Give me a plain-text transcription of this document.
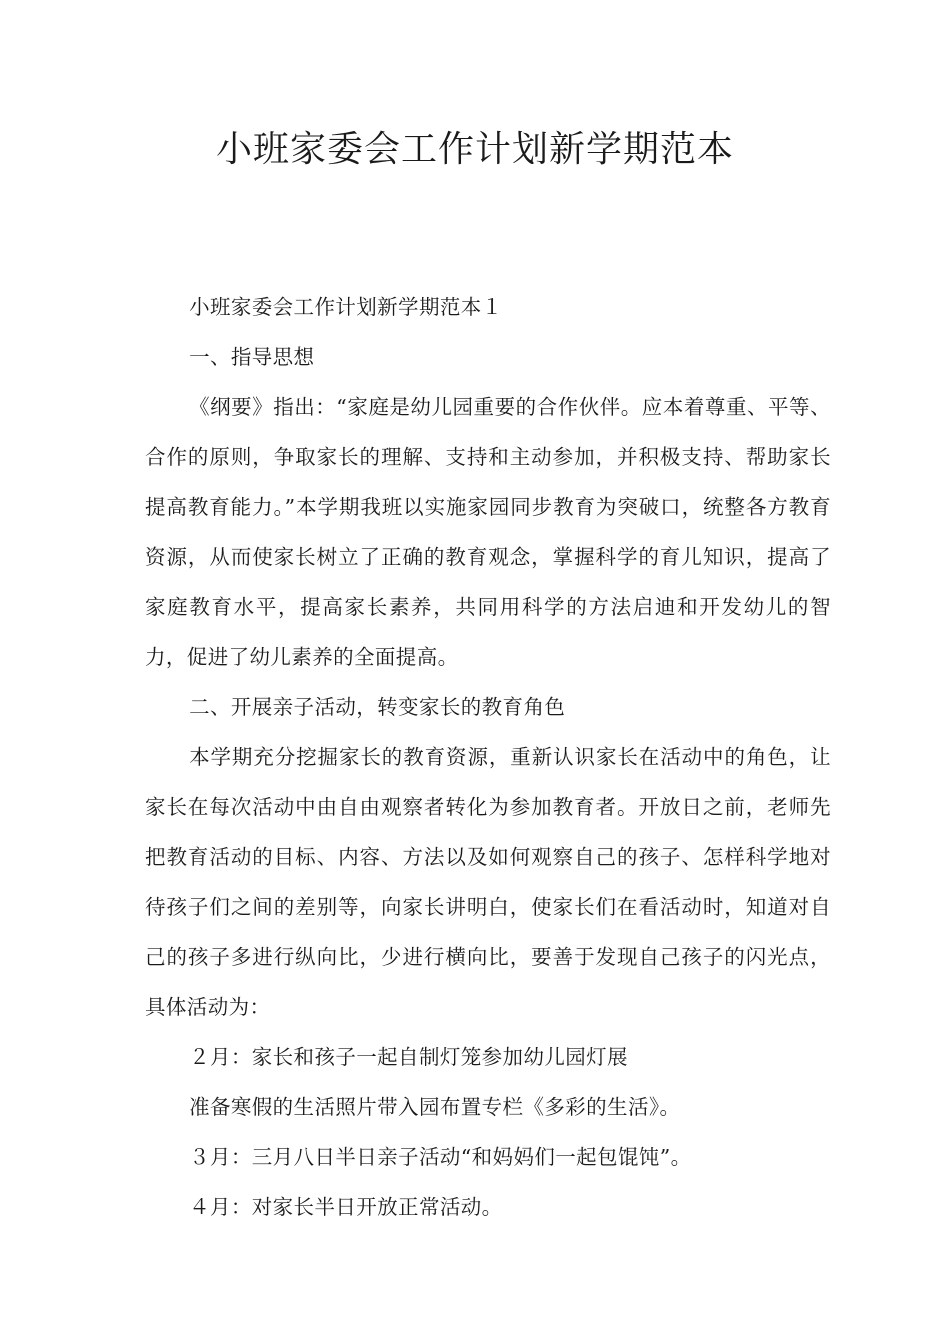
小班家委会工作计划新学期范本

小班家委会工作计划新学期范本１

一、指导思想

《纲要》指出：“家庭是幼儿园重要的合作伙伴。应本着尊重、平等、合作的原则，争取家长的理解、支持和主动参加，并积极支持、帮助家长提高教育能力。”本学期我班以实施家园同步教育为突破口，统整各方教育资源，从而使家长树立了正确的教育观念，掌握科学的育儿知识，提高了家庭教育水平，提高家长素养，共同用科学的方法启迪和开发幼儿的智力，促进了幼儿素养的全面提高。

二、开展亲子活动，转变家长的教育角色

本学期充分挖掘家长的教育资源，重新认识家长在活动中的角色，让家长在每次活动中由自由观察者转化为参加教育者。开放日之前，老师先把教育活动的目标、内容、方法以及如何观察自己的孩子、怎样科学地对待孩子们之间的差别等，向家长讲明白，使家长们在看活动时，知道对自己的孩子多进行纵向比，少进行横向比，要善于发现自己孩子的闪光点，具体活动为：

２月：家长和孩子一起自制灯笼参加幼儿园灯展

准备寒假的生活照片带入园布置专栏《多彩的生活》。

３月：三月八日半日亲子活动“和妈妈们一起包馄饨”。

４月：对家长半日开放正常活动。
